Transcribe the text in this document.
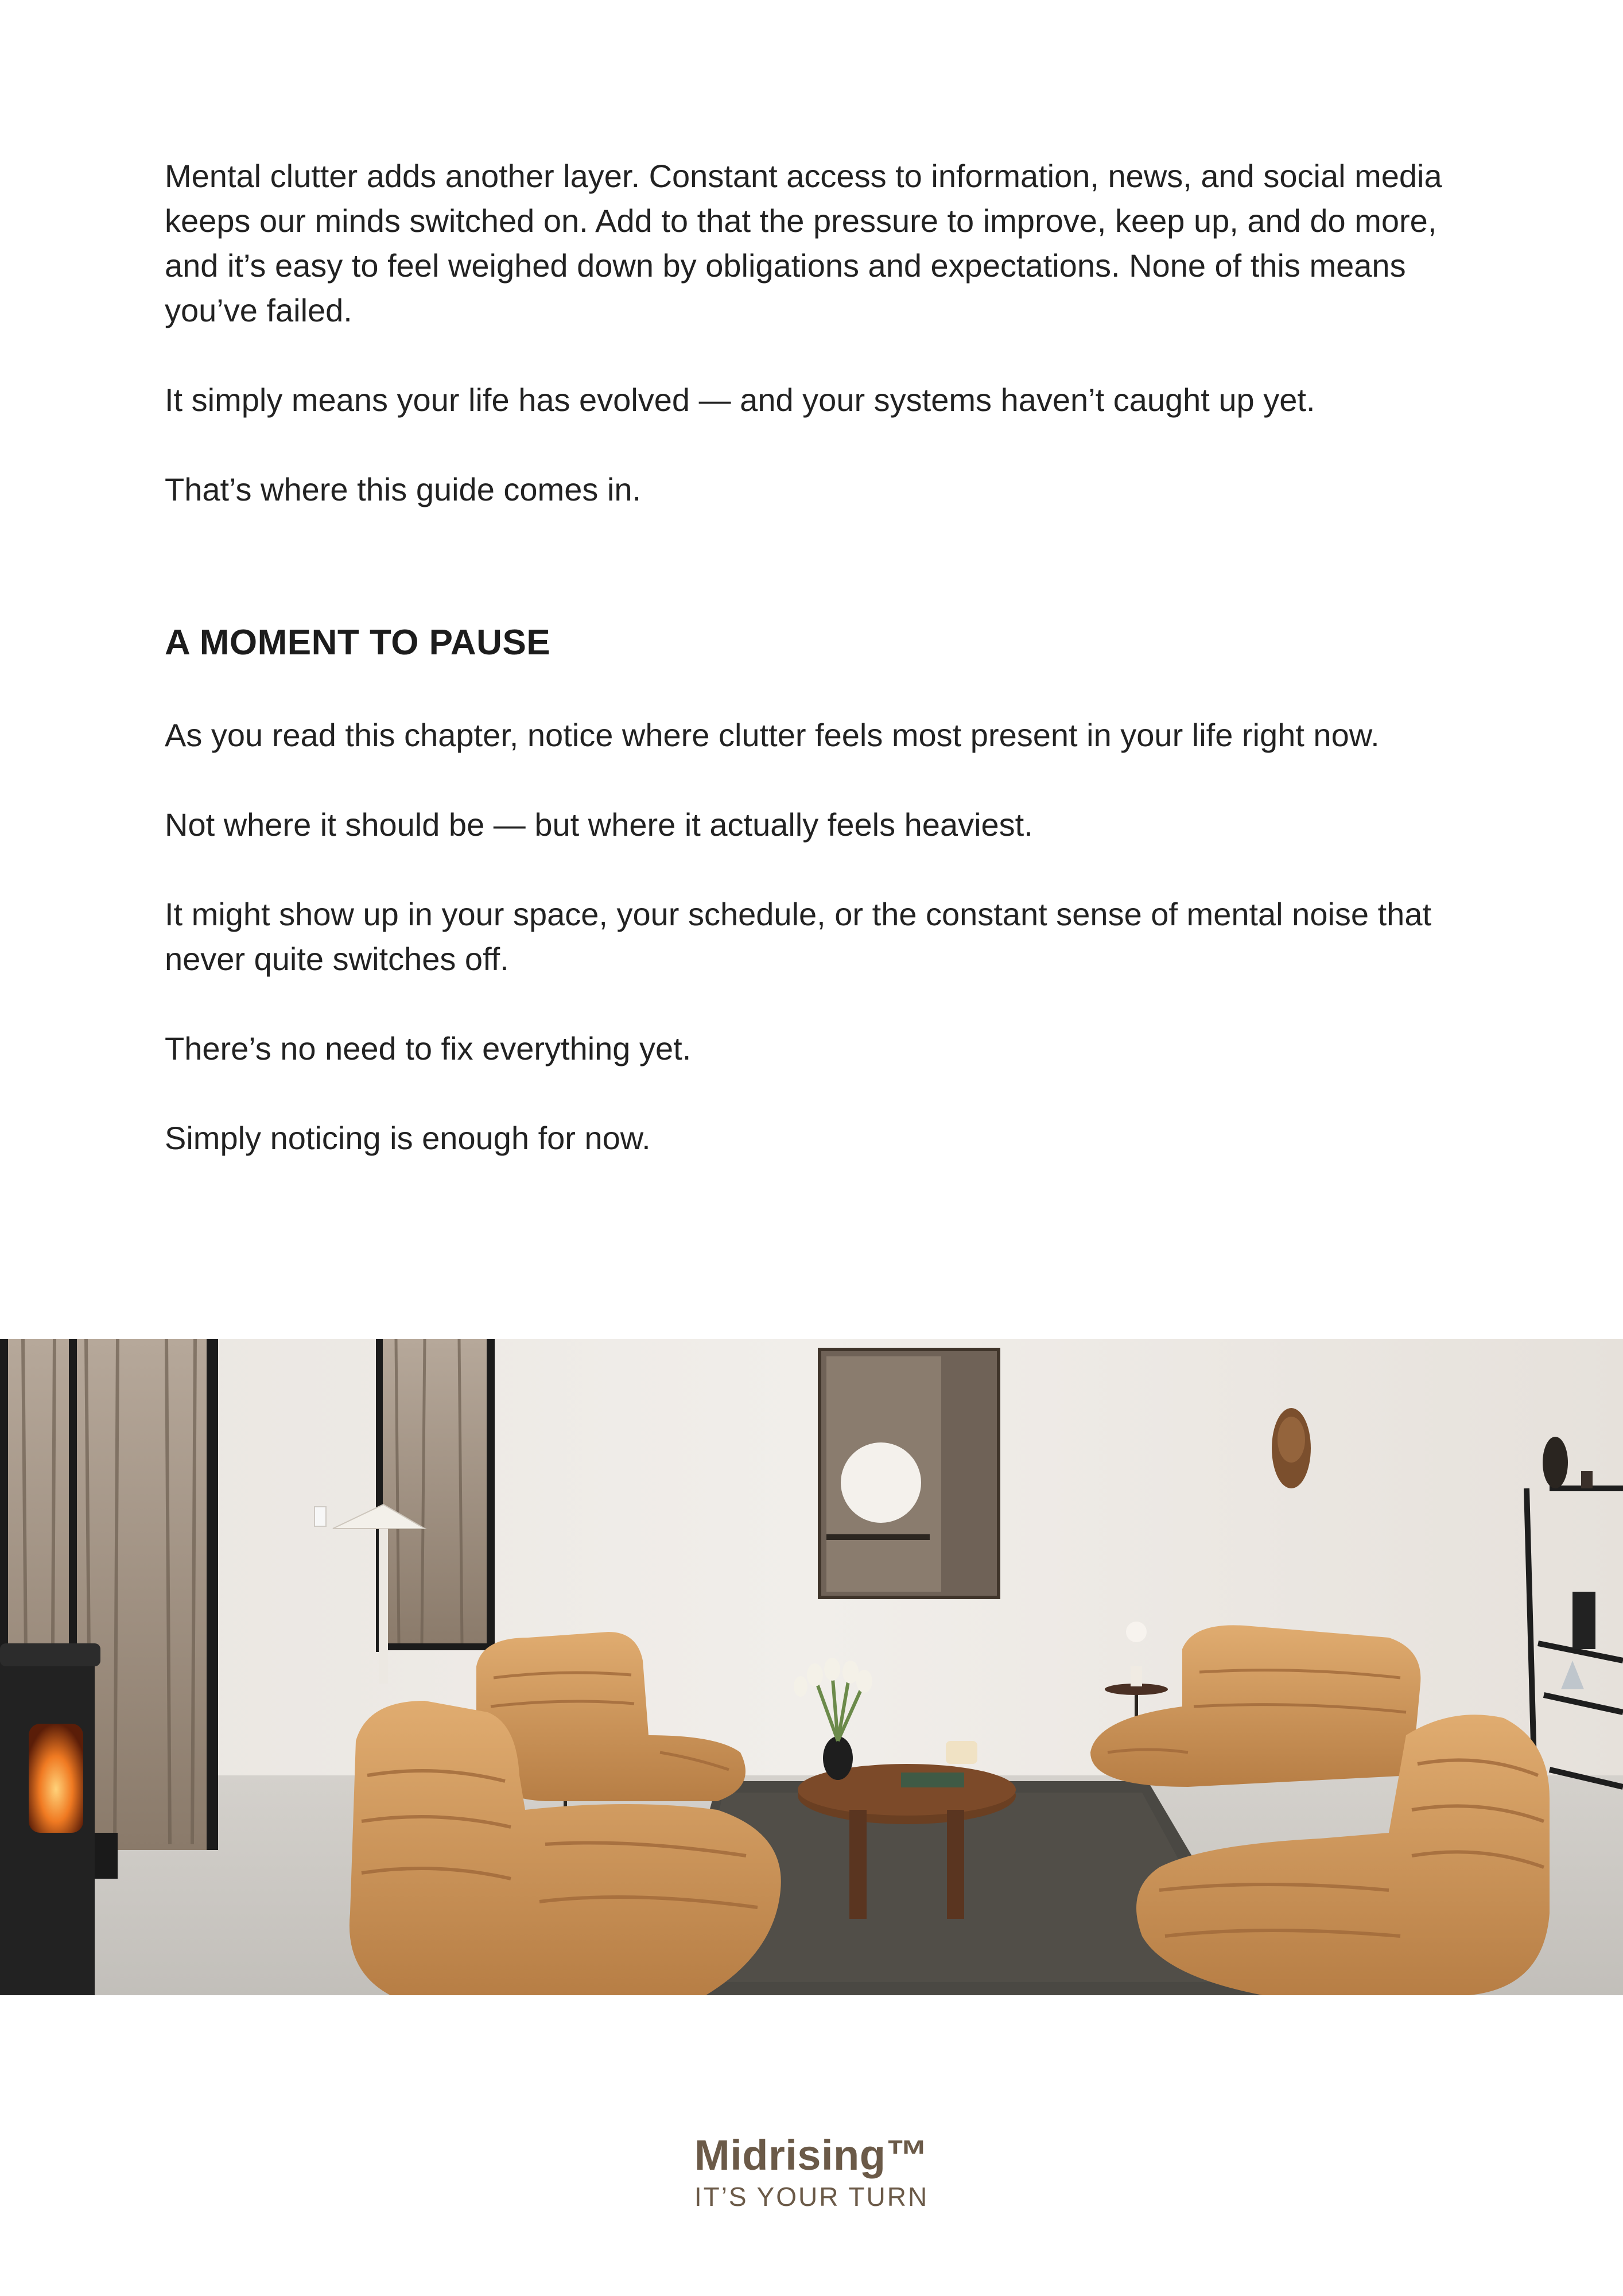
Mental clutter adds another layer. Constant access to information, news, and social media keeps our minds switched on. Add to that the pressure to improve, keep up, and do more, and it’s easy to feel weighed down by obligations and expectations. None of this means you’ve failed.

It simply means your life has evolved — and your systems haven’t caught up yet.

That’s where this guide comes in.

A MOMENT TO PAUSE

As you read this chapter, notice where clutter feels most present in your life right now.

Not where it should be — but where it actually feels heaviest.

It might show up in your space, your schedule, or the constant sense of mental noise that never quite switches off.

There’s no need to fix everything yet.

Simply noticing is enough for now.

Midrising™
IT’S YOUR TURN
